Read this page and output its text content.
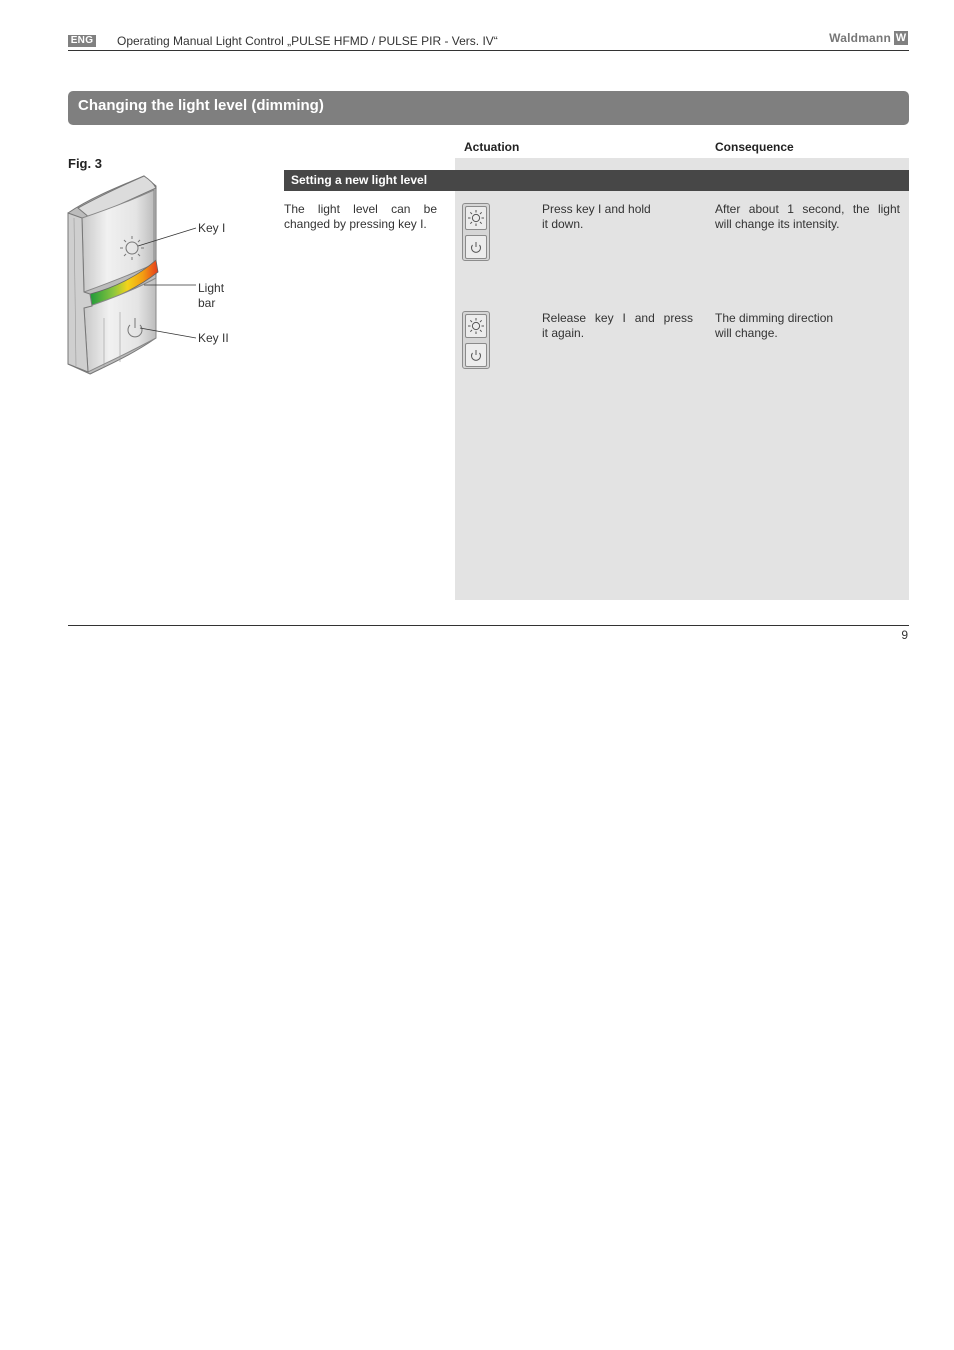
ENG Operating Manual Light Control „PULSE HFMD / PULSE PIR - Vers. IV“	Waldmann W
Changing the light level (dimming)
Fig. 3
Key I
Light
bar
Key II
Actuation	Consequence
Setting a new light level
The light level can be
changed by pressing key I.
Press key I and hold
it down.
After about 1 second, the light
will change its intensity.
Release key I and press
it again.
The dimming direction
will change.
9
